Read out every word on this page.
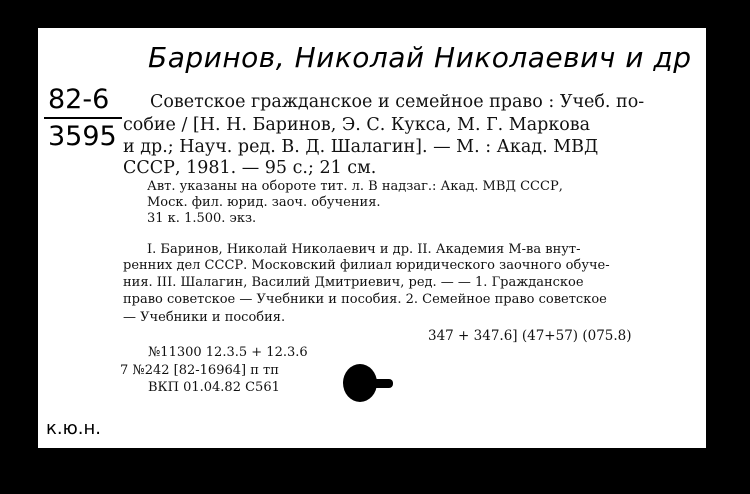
Баринов, Николай Николаевич и др
82-6
3595
Советское гражданское и семейное право : Учеб. по-
собие / [Н. Н. Баринов, Э. С. Кукса, М. Г. Маркова
и др.; Науч. ред. В. Д. Шалагин]. — М. : Акад. МВД
СССР, 1981. — 95 с.; 21 см.
Авт. указаны на обороте тит. л. В надзаг.: Акад. МВД СССР,
Моск. фил. юрид. заоч. обучения.
31 к. 1.500. экз.
I. Баринов, Николай Николаевич и др. II. Академия М-ва внут-
ренних дел СССР. Московский филиал юридического заочного обуче-
ния. III. Шалагин, Василий Дмитриевич, ред. — — 1. Гражданское
право советское — Учебники и пособия. 2. Семейное право советское
— Учебники и пособия.
347 + 347.6] (47+57) (075.8)
№11300 12.3.5 + 12.3.6
7 №242 [82-16964] п тп
ВКП 01.04.82 С561
к.ю.н.
